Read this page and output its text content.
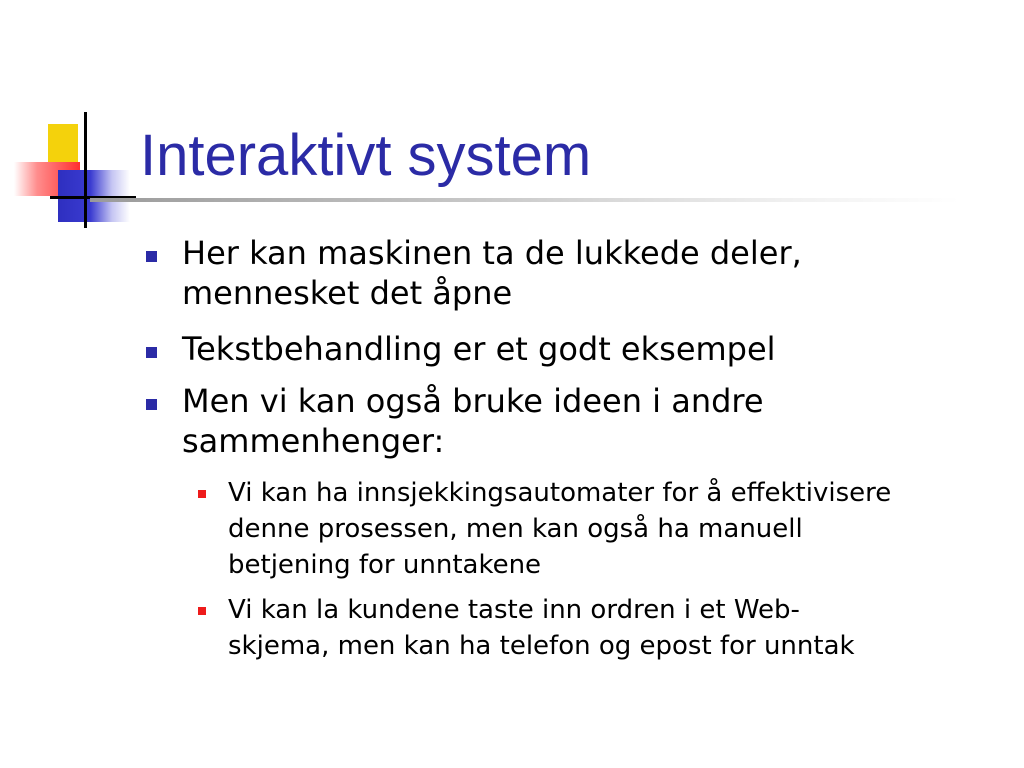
Interaktivt system
Her kan maskinen ta de lukkede deler,
mennesket det åpne
Tekstbehandling er et godt eksempel
Men vi kan også bruke ideen i andre
sammenhenger:
Vi kan ha innsjekkingsautomater for å effektivisere
denne prosessen, men kan også ha manuell
betjening for unntakene
Vi kan la kundene taste inn ordren i et Web-
skjema, men kan ha telefon og epost for unntak
